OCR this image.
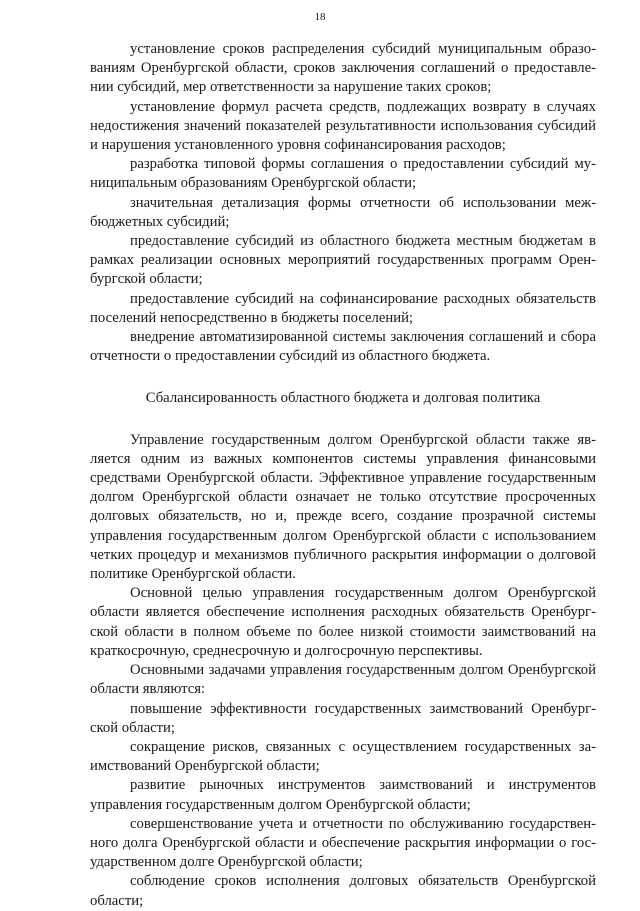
18

установление сроков распределения субсидий муниципальным образованиям Оренбургской области, сроков заключения соглашений о предоставлении субсидий, мер ответственности за нарушение таких сроков;

установление формул расчета средств, подлежащих возврату в случаях недостижения значений показателей результативности использования субсидий и нарушения установленного уровня софинансирования расходов;

разработка типовой формы соглашения о предоставлении субсидий муниципальным образованиям Оренбургской области;

значительная детализация формы отчетности об использовании межбюджетных субсидий;

предоставление субсидий из областного бюджета местным бюджетам в рамках реализации основных мероприятий государственных программ Оренбургской области;

предоставление субсидий на софинансирование расходных обязательств поселений непосредственно в бюджеты поселений;

внедрение автоматизированной системы заключения соглашений и сбора отчетности о предоставлении субсидий из областного бюджета.

Сбалансированность областного бюджета и долговая политика

Управление государственным долгом Оренбургской области также является одним из важных компонентов системы управления финансовыми средствами Оренбургской области. Эффективное управление государственным долгом Оренбургской области означает не только отсутствие просроченных долговых обязательств, но и, прежде всего, создание прозрачной системы управления государственным долгом Оренбургской области с использованием четких процедур и механизмов публичного раскрытия информации о долговой политике Оренбургской области.

Основной целью управления государственным долгом Оренбургской области является обеспечение исполнения расходных обязательств Оренбургской области в полном объеме по более низкой стоимости заимствований на краткосрочную, среднесрочную и долгосрочную перспективы.

Основными задачами управления государственным долгом Оренбургской области являются:

повышение эффективности государственных заимствований Оренбургской области;

сокращение рисков, связанных с осуществлением государственных заимствований Оренбургской области;

развитие рыночных инструментов заимствований и инструментов управления государственным долгом Оренбургской области;

совершенствование учета и отчетности по обслуживанию государственного долга Оренбургской области и обеспечение раскрытия информации о государственном долге Оренбургской области;

соблюдение сроков исполнения долговых обязательств Оренбургской области;
